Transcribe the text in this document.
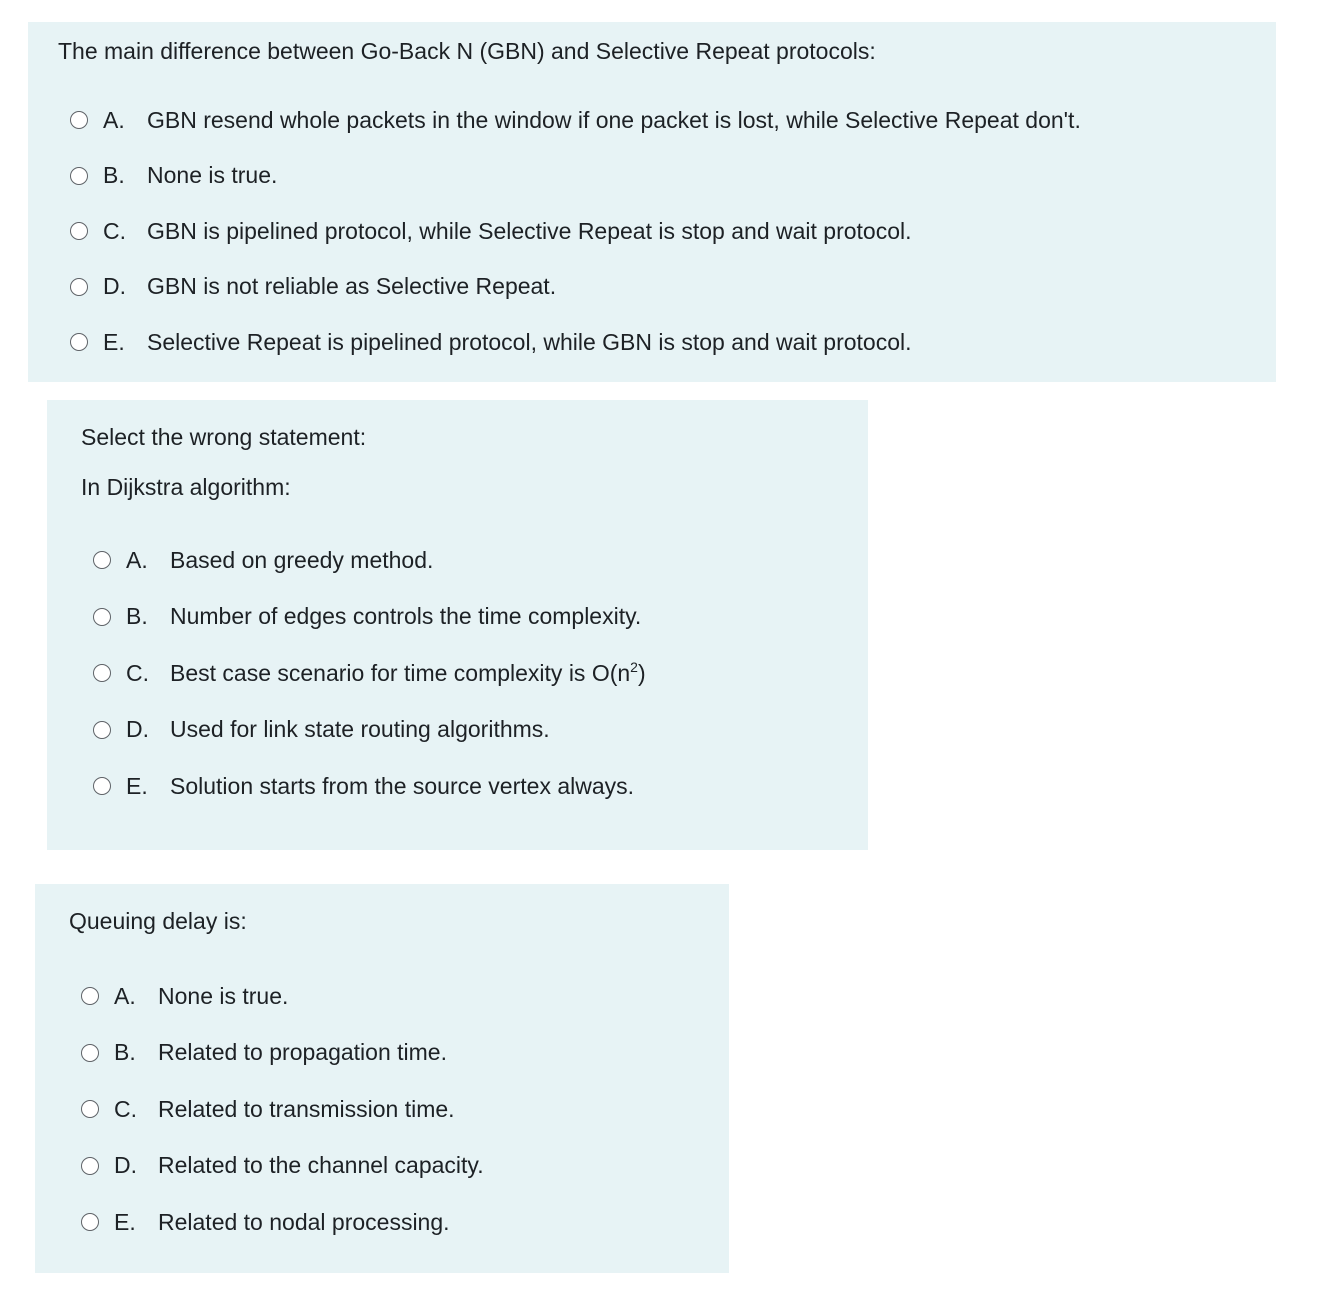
The main difference between Go-Back N (GBN) and Selective Repeat protocols:

A. GBN resend whole packets in the window if one packet is lost, while Selective Repeat don't.
B. None is true.
C. GBN is pipelined protocol, while Selective Repeat is stop and wait protocol.
D. GBN is not reliable as Selective Repeat.
E. Selective Repeat is pipelined protocol, while GBN is stop and wait protocol.

Select the wrong statement:

In Dijkstra algorithm:

A. Based on greedy method.
B. Number of edges controls the time complexity.
C. Best case scenario for time complexity is $O(n^2)$
D. Used for link state routing algorithms.
E. Solution starts from the source vertex always.

Queuing delay is:

A. None is true.
B. Related to propagation time.
C. Related to transmission time.
D. Related to the channel capacity.
E. Related to nodal processing.
